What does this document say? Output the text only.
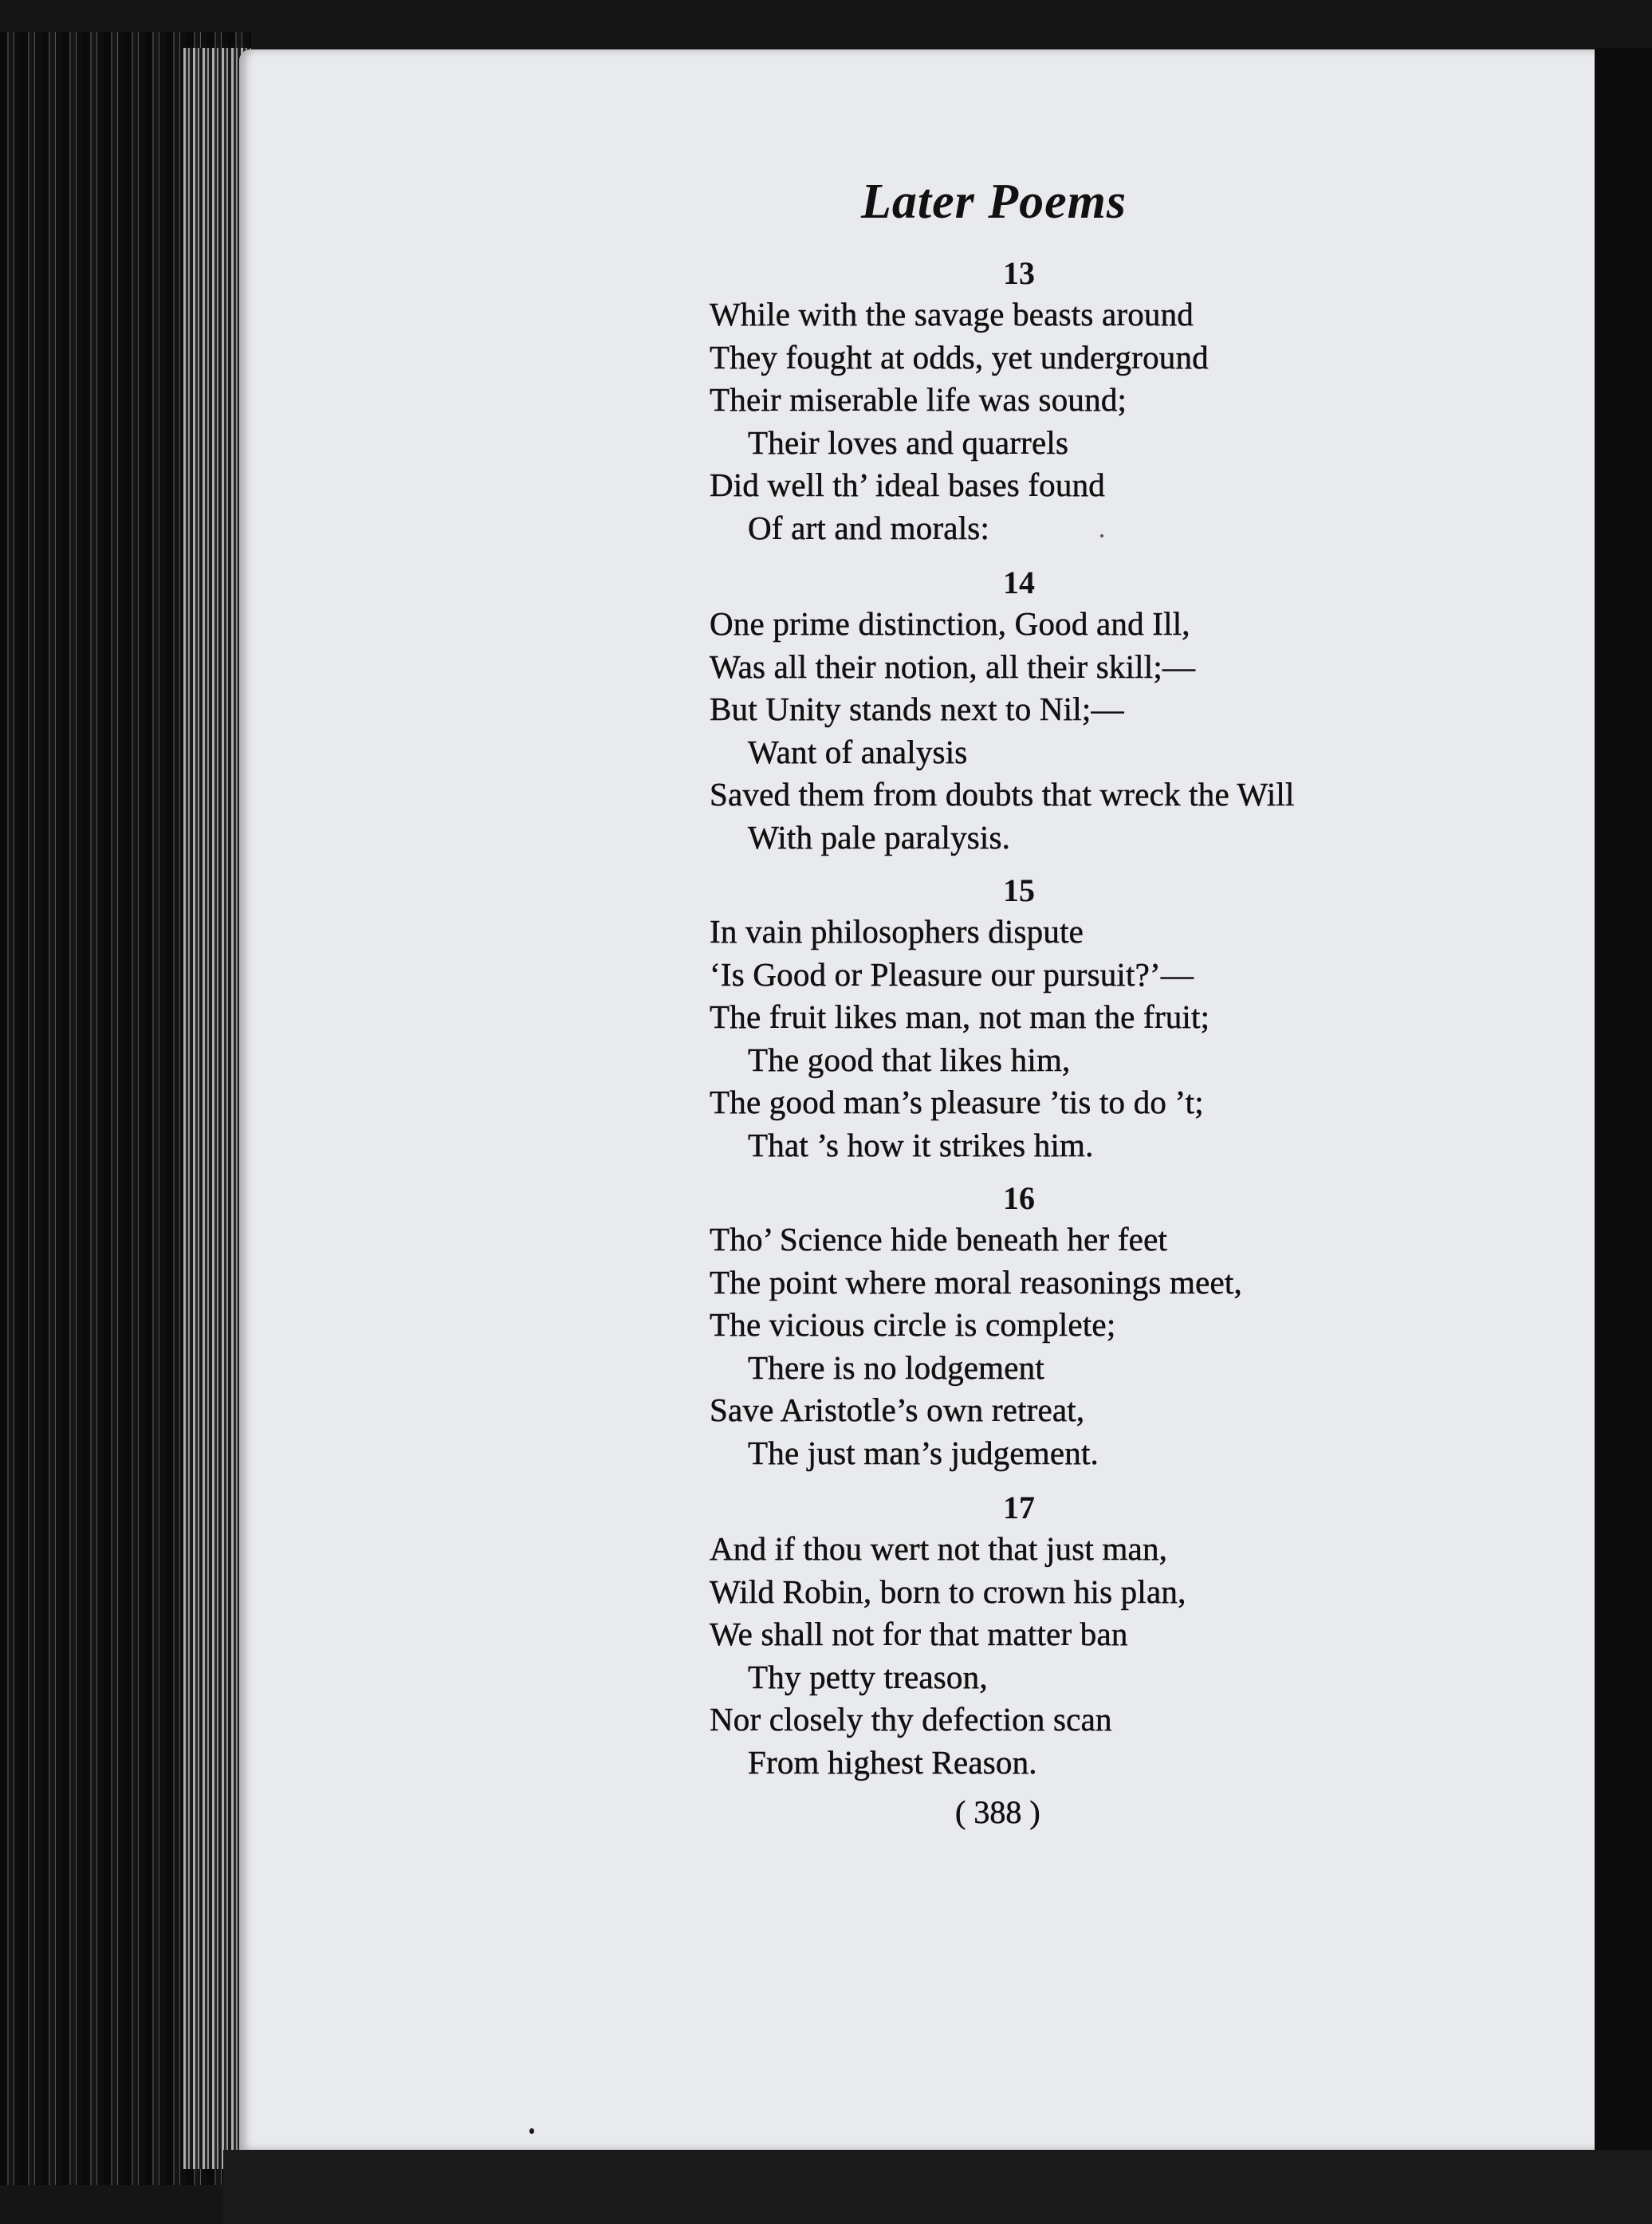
Later Poems
13
While with the savage beasts around
They fought at odds, yet underground
Their miserable life was sound;
Their loves and quarrels
Did well th’ ideal bases found
Of art and morals:
14
One prime distinction, Good and Ill,
Was all their notion, all their skill;—
But Unity stands next to Nil;—
Want of analysis
Saved them from doubts that wreck the Will
With pale paralysis.
15
In vain philosophers dispute
‘Is Good or Pleasure our pursuit?’—
The fruit likes man, not man the fruit;
The good that likes him,
The good man’s pleasure ’tis to do ’t;
That ’s how it strikes him.
16
Tho’ Science hide beneath her feet
The point where moral reasonings meet,
The vicious circle is complete;
There is no lodgement
Save Aristotle’s own retreat,
The just man’s judgement.
17
And if thou wert not that just man,
Wild Robin, born to crown his plan,
We shall not for that matter ban
Thy petty treason,
Nor closely thy defection scan
From highest Reason.
( 388 )
